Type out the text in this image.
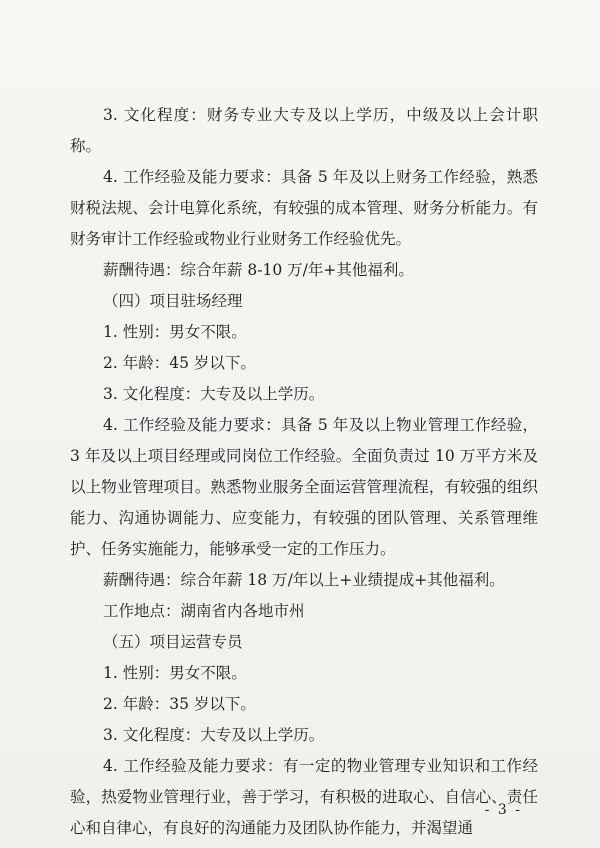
3. 文化程度：财务专业大专及以上学历，中级及以上会计职称。

4. 工作经验及能力要求：具备 5 年及以上财务工作经验，熟悉财税法规、会计电算化系统，有较强的成本管理、财务分析能力。有财务审计工作经验或物业行业财务工作经验优先。

薪酬待遇：综合年薪 8-10 万/年+其他福利。

（四）项目驻场经理

1. 性别：男女不限。

2. 年龄：45 岁以下。

3. 文化程度：大专及以上学历。

4. 工作经验及能力要求：具备 5 年及以上物业管理工作经验，3 年及以上项目经理或同岗位工作经验。全面负责过 10 万平方米及以上物业管理项目。熟悉物业服务全面运营管理流程，有较强的组织能力、沟通协调能力、应变能力，有较强的团队管理、关系管理维护、任务实施能力，能够承受一定的工作压力。

薪酬待遇：综合年薪 18 万/年以上+业绩提成+其他福利。

工作地点：湖南省内各地市州

（五）项目运营专员

1. 性别：男女不限。

2. 年龄：35 岁以下。

3. 文化程度：大专及以上学历。

4. 工作经验及能力要求：有一定的物业管理专业知识和工作经验，热爱物业管理行业，善于学习，有积极的进取心、自信心、责任心和自律心，有良好的沟通能力及团队协作能力，并渴望通

- 3 -
